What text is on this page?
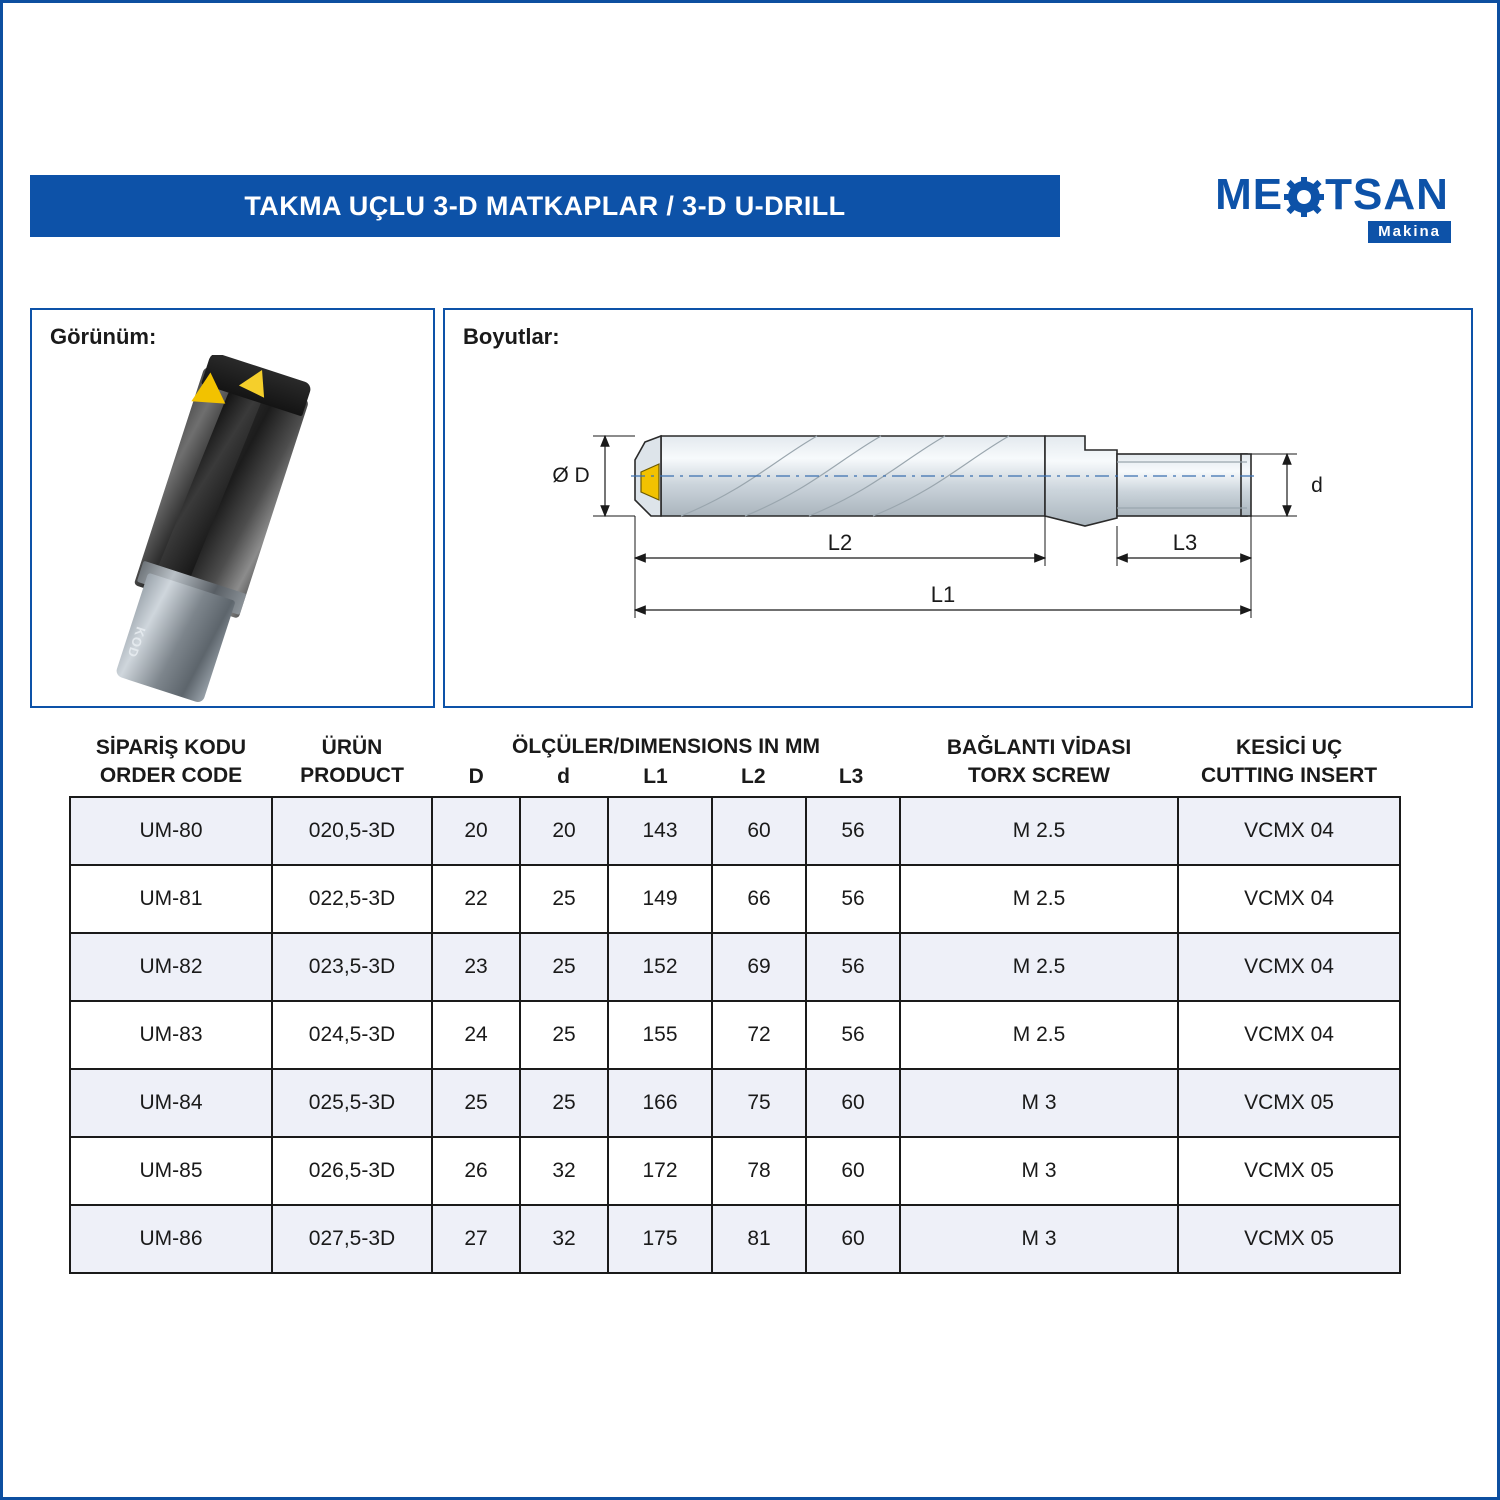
TAKMA UÇLU 3-D MATKAPLAR / 3-D U-DRILL	ME TSAN
Makina
Görünüm:
KOD
Boyutlar:
Ø D	d
L2	L3
L1
SİPARİŞ KODU
ORDER CODE

ÜRÜN
PRODUCT

ÖLÇÜLER/DIMENSIONS IN MM
D	d	L1	L2	L3

BAĞLANTI VİDASI
TORX SCREW

KESİCİ UÇ
CUTTING INSERT

UM-80	020,5-3D	20	20	143	60	56	M 2.5	VCMX 04
UM-81	022,5-3D	22	25	149	66	56	M 2.5	VCMX 04
UM-82	023,5-3D	23	25	152	69	56	M 2.5	VCMX 04
UM-83	024,5-3D	24	25	155	72	56	M 2.5	VCMX 04
UM-84	025,5-3D	25	25	166	75	60	M 3	VCMX 05
UM-85	026,5-3D	26	32	172	78	60	M 3	VCMX 05
UM-86	027,5-3D	27	32	175	81	60	M 3	VCMX 05
